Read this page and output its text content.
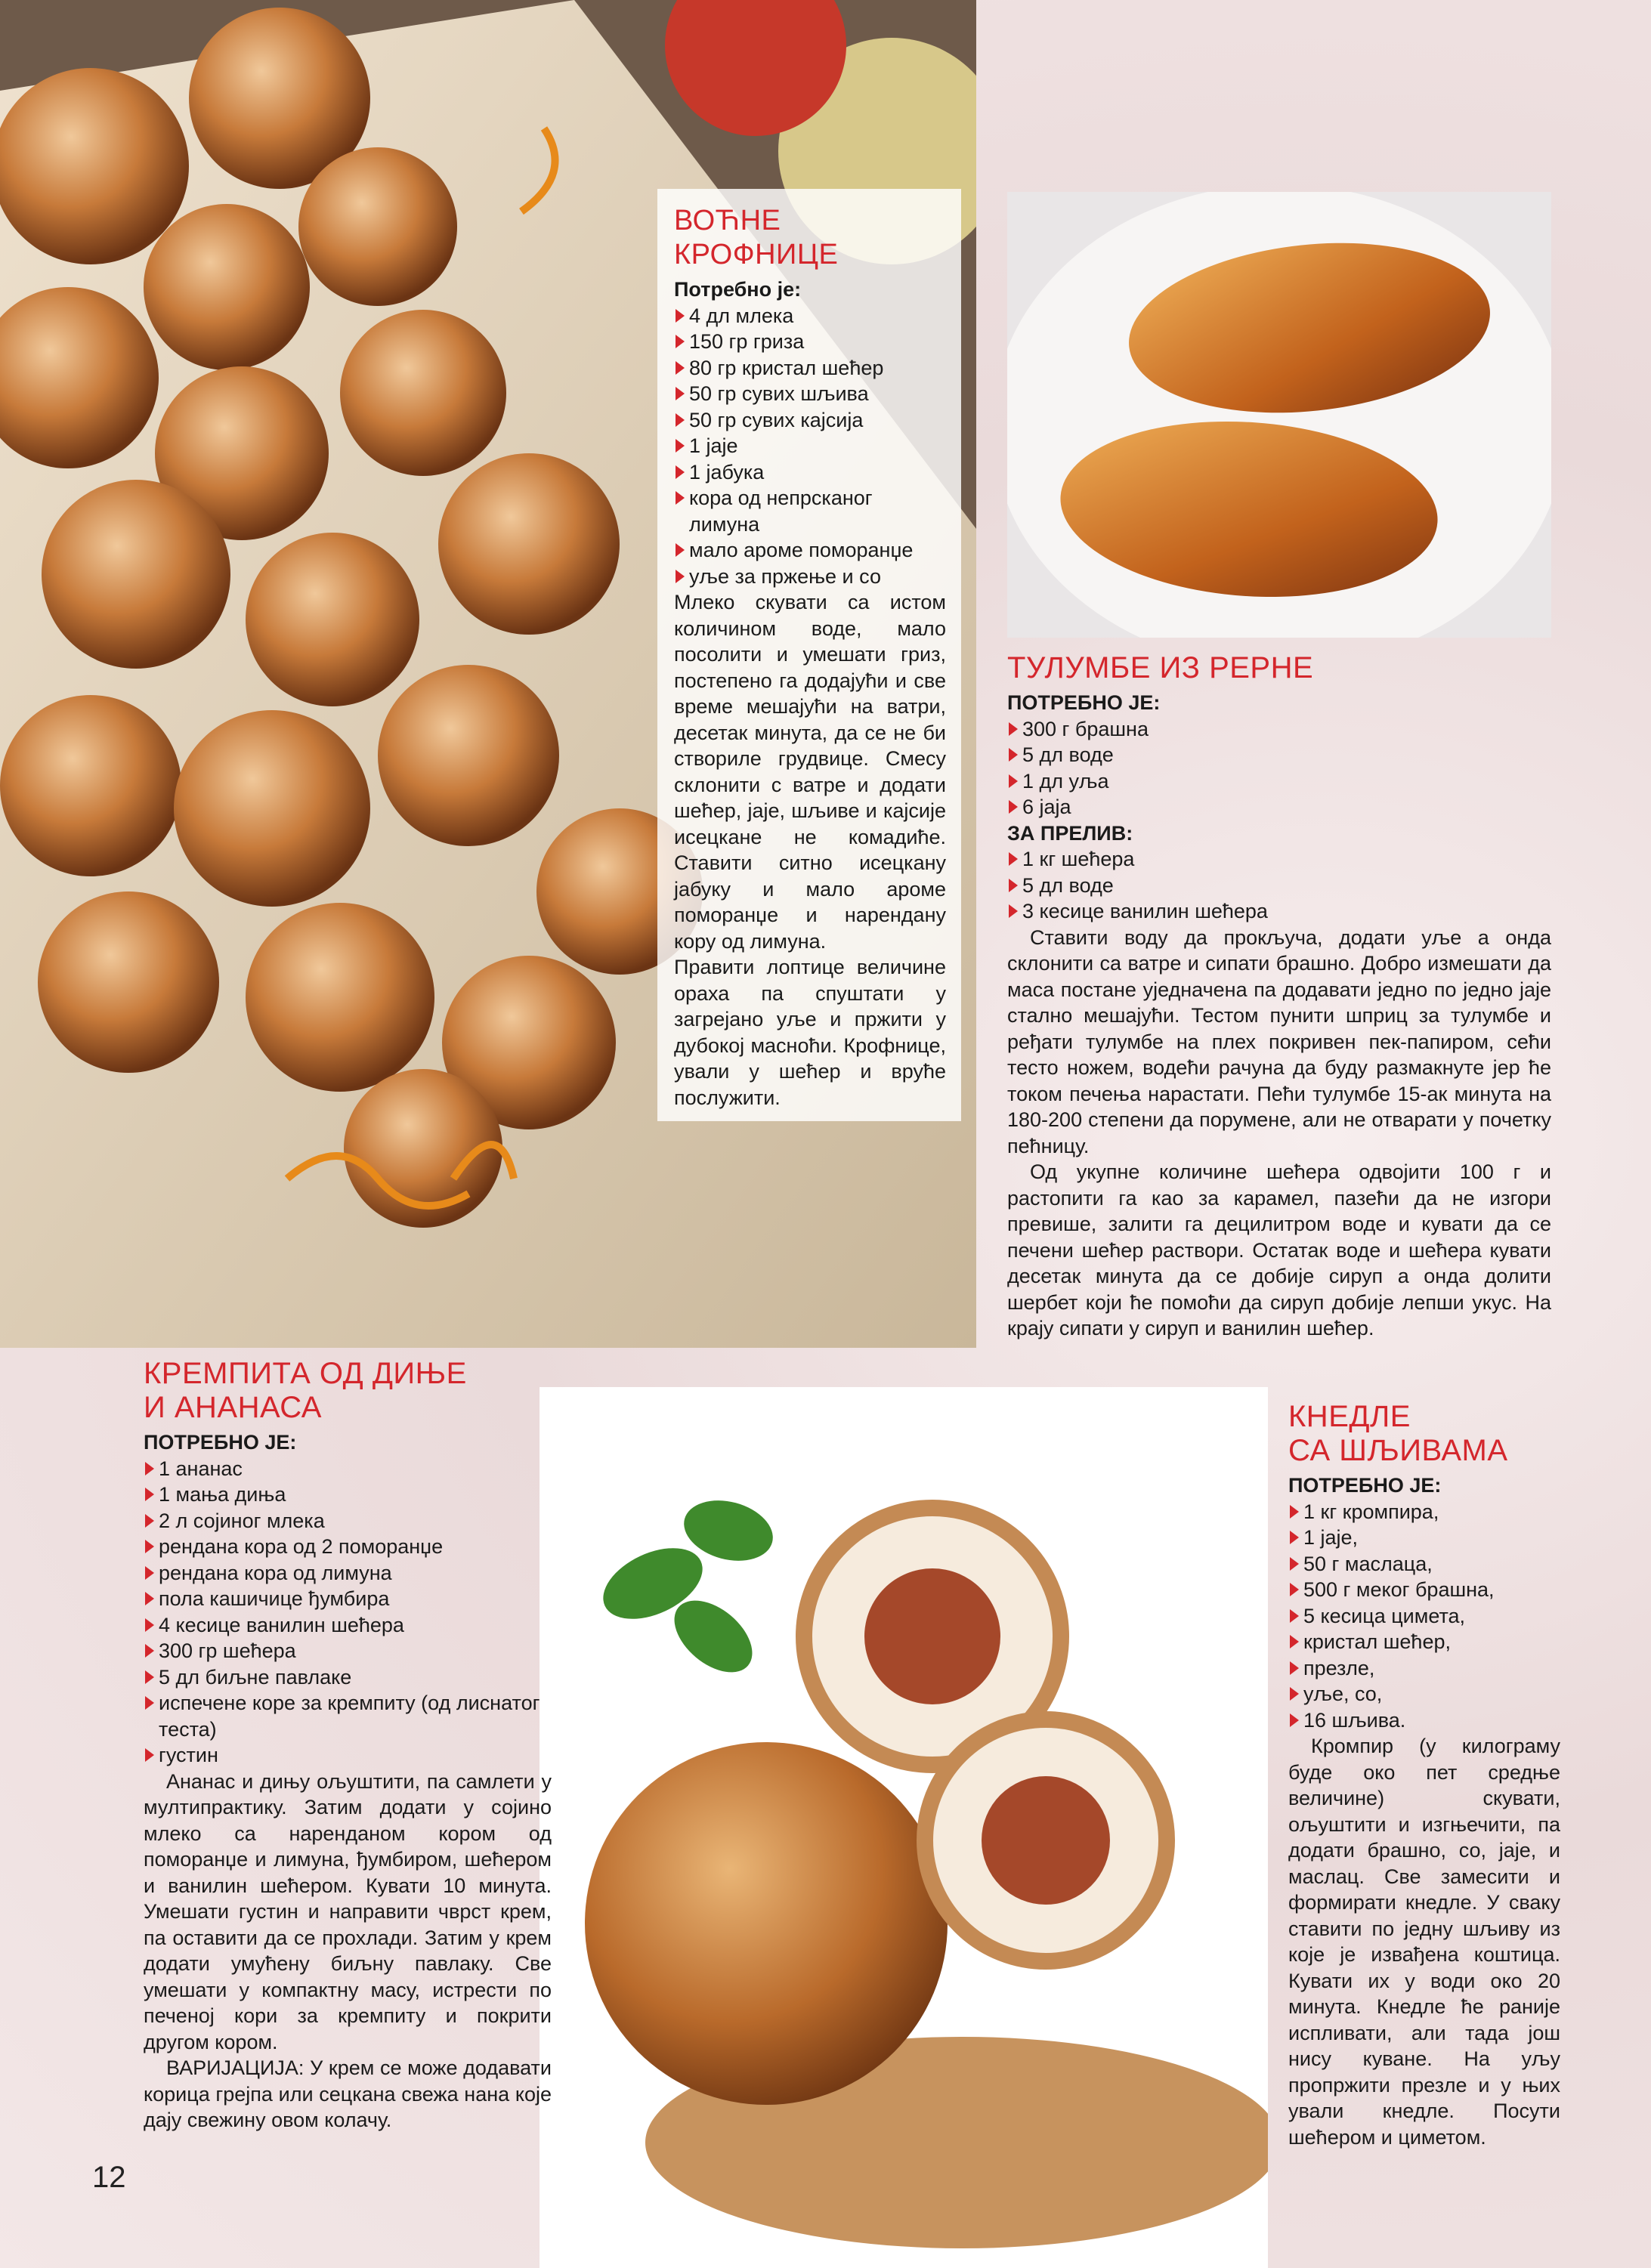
ВОЋНЕ КРОФНИЦЕ

Потребно је:

4 дл млека
150 гр гриза
80 гр кристал шећер
50 гр сувих шљива
50 гр сувих кајсија
1 јаје
1 јабука
кора од непрсканог лимуна
мало ароме поморанџе
уље за пржење и со

Млеко скувати са истом количином воде, мало посолити и умешати гриз, постепено га додајући и све време мешајући на ватри, десетак минута, да се не би створиле грудвице. Смесу склонити с ватре и додати шећер, јаје, шљиве и кајсије исецкане не комадиће. Ставити ситно исецкану јабуку и мало ароме поморанџе и нарендану кору од лимуна.

Правити лоптице величине ораха па спуштати у загрејано уље и пржити у дубокој масноћи. Крофнице, ували у шећер и вруће послужити.

ТУЛУМБЕ ИЗ РЕРНЕ

ПОТРЕБНО ЈЕ:

300 г брашна
5 дл воде
1 дл уља
6 јаја

ЗА ПРЕЛИВ:

1 кг шећера
5 дл воде
3 кесице ванилин шећера

Ставити воду да прокључа, додати уље а онда склонити са ватре и сипати брашно. Добро измешати да маса постане уједначена па додавати једно по једно јаје стално мешајући. Тестом пунити шприц за тулумбе и ређати тулумбе на плех покривен пек-папиром, сећи тесто ножем, водећи рачуна да буду размакнуте јер ће током печења нарастати. Пећи тулумбе 15-ак минута на 180-200 степени да порумене, али не отварати у почетку пећницу.

Од укупне количине шећера одвојити 100 г и растопити га као за карамел, пазећи да не изгори превише, залити га децилитром воде и кувати да се печени шећер раствори. Остатак воде и шећера кувати десетак минута да се добије сируп а онда долити шербет који ће помоћи да сируп добије лепши укус. На крају сипати у сируп и ванилин шећер.

КРЕМПИТА ОД ДИЊЕ
И АНАНАСА

ПОТРЕБНО ЈЕ:

1 ананас
1 мања диња
2 л сојиног млека
рендана кора од 2 поморанџе
рендана кора од лимуна
пола кашичице ђумбира
4 кесице ванилин шећера
300 гр шећера
5 дл биљне павлаке
испечене коре за кремпиту (од лиснатог теста)
густин

Ананас и дињу ољуштити, па самлети у мултипрактику. Затим додати у сојино млеко са нарендaном кором од поморанџе и лимуна, ђумбиром, шећером и ванилин шећером. Кувати 10 минута. Умешати густин и направити чврст крем, па оставити да се прохлади. Затим у крем додати умућену биљну павлаку. Све умешати у компактну масу, истрести по печеној кори за кремпиту и покрити другом кором.

ВАРИЈАЦИЈА: У крем се може додавати корица грејпа или сецкана свежа нана које дају свежину овом колачу.

КНЕДЛЕ
СА ШЉИВАМА

ПОТРЕБНО ЈЕ:

1 кг кромпира,
1 јаје,
50 г маслаца,
500 г меког брашна,
5 кесица цимета,
кристал шећер,
презле,
уље, со,
16 шљива.

Кромпир (у килограму буде око пет средње величине) скувати, ољуштити и изгњечити, па додати брашно, со, јаје, и маслац. Све замесити и формирати кнедле. У сваку ставити по једну шљиву из које је извађена коштица. Кувати их у води око 20 минута. Кнедле ће раније испливати, али тада још нису куване. На уљу пропржити презле и у њих ували кнедле. Посути шећером и циметом.

12
